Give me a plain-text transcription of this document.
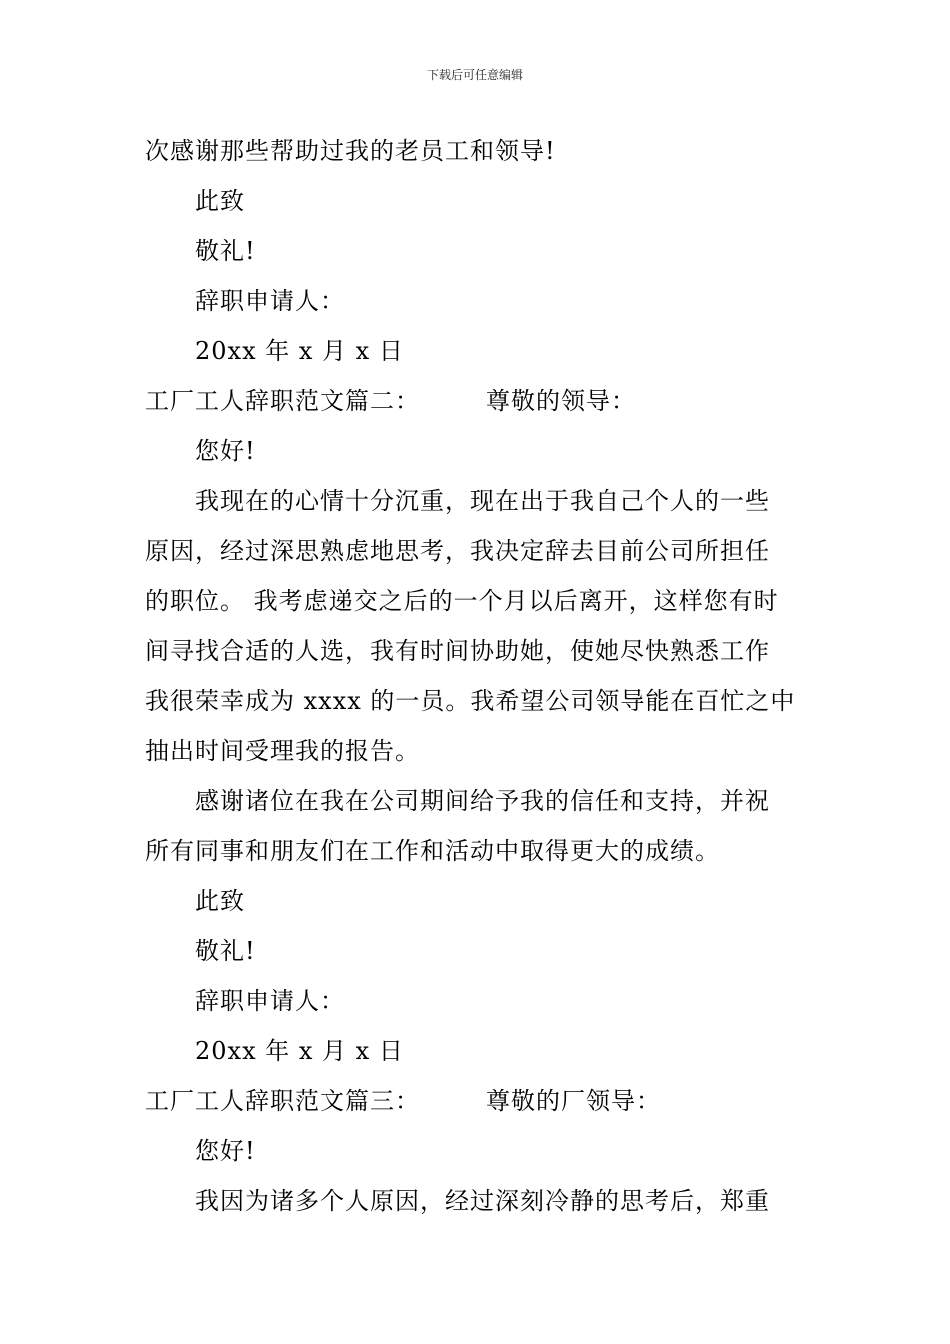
下载后可任意编辑
次感谢那些帮助过我的老员工和领导!
此致
敬礼!
辞职申请人：
20xx 年 x 月 x 日
工厂工人辞职范文篇二：	尊敬的领导：
您好!
我现在的心情十分沉重，现在出于我自己个人的一些
原因，经过深思熟虑地思考，我决定辞去目前公司所担任
的职位。 我考虑递交之后的一个月以后离开，这样您有时
间寻找合适的人选，我有时间协助她，使她尽快熟悉工作
我很荣幸成为 xxxx 的一员。我希望公司领导能在百忙之中
抽出时间受理我的报告。
感谢诸位在我在公司期间给予我的信任和支持，并祝
所有同事和朋友们在工作和活动中取得更大的成绩。
此致
敬礼!
辞职申请人：
20xx 年 x 月 x 日
工厂工人辞职范文篇三：	尊敬的厂领导：
您好!
我因为诸多个人原因，经过深刻冷静的思考后，郑重
